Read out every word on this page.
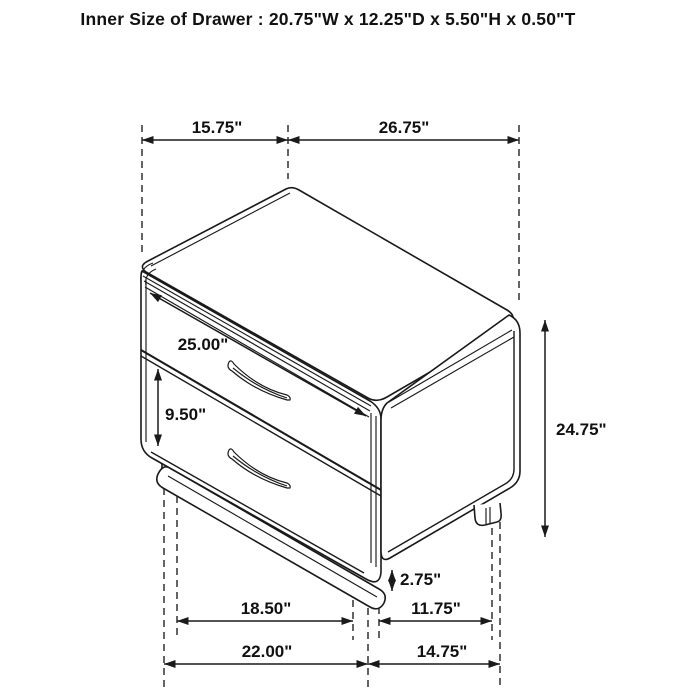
15.75"	26.75"
25.00"
9.50"
24.75"
2.75"
18.50"	11.75"
22.00"	14.75"
Inner Size of Drawer : 20.75"W x 12.25"D x 5.50"H x 0.50"T
